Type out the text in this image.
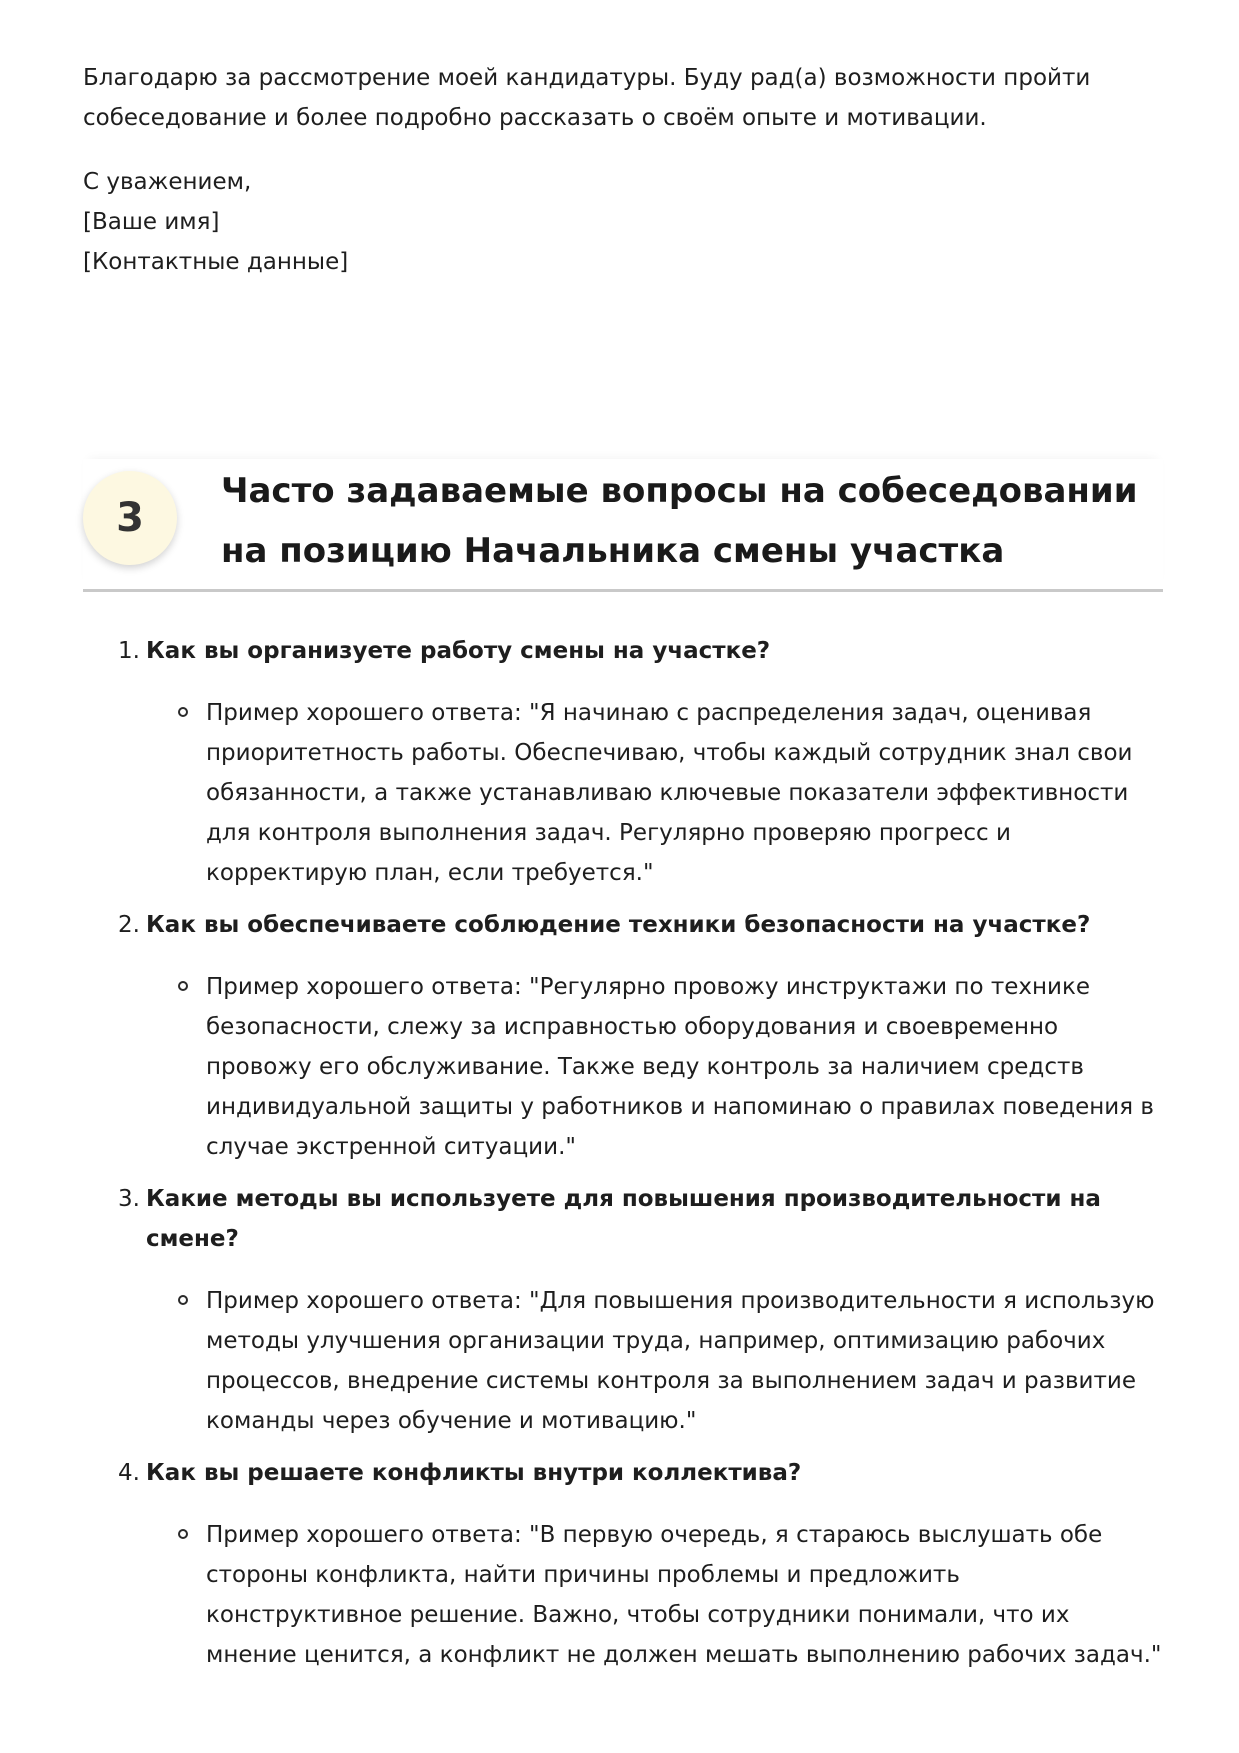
Благодарю за рассмотрение моей кандидатуры. Буду рад(а) возможности пройти собеседование и более подробно рассказать о своём опыте и мотивации.

С уважением,
[Ваше имя]
[Контактные данные]
3
Часто задаваемые вопросы на собеседовании на позицию Начальника смены участка
1. Как вы организуете работу смены на участке?
Пример хорошего ответа: "Я начинаю с распределения задач, оценивая приоритетность работы. Обеспечиваю, чтобы каждый сотрудник знал свои обязанности, а также устанавливаю ключевые показатели эффективности для контроля выполнения задач. Регулярно проверяю прогресс и корректирую план, если требуется."
2. Как вы обеспечиваете соблюдение техники безопасности на участке?
Пример хорошего ответа: "Регулярно провожу инструктажи по технике безопасности, слежу за исправностью оборудования и своевременно провожу его обслуживание. Также веду контроль за наличием средств индивидуальной защиты у работников и напоминаю о правилах поведения в случае экстренной ситуации."
3. Какие методы вы используете для повышения производительности на смене?
Пример хорошего ответа: "Для повышения производительности я использую методы улучшения организации труда, например, оптимизацию рабочих процессов, внедрение системы контроля за выполнением задач и развитие команды через обучение и мотивацию."
4. Как вы решаете конфликты внутри коллектива?
Пример хорошего ответа: "В первую очередь, я стараюсь выслушать обе стороны конфликта, найти причины проблемы и предложить конструктивное решение. Важно, чтобы сотрудники понимали, что их мнение ценится, а конфликт не должен мешать выполнению рабочих задач."
